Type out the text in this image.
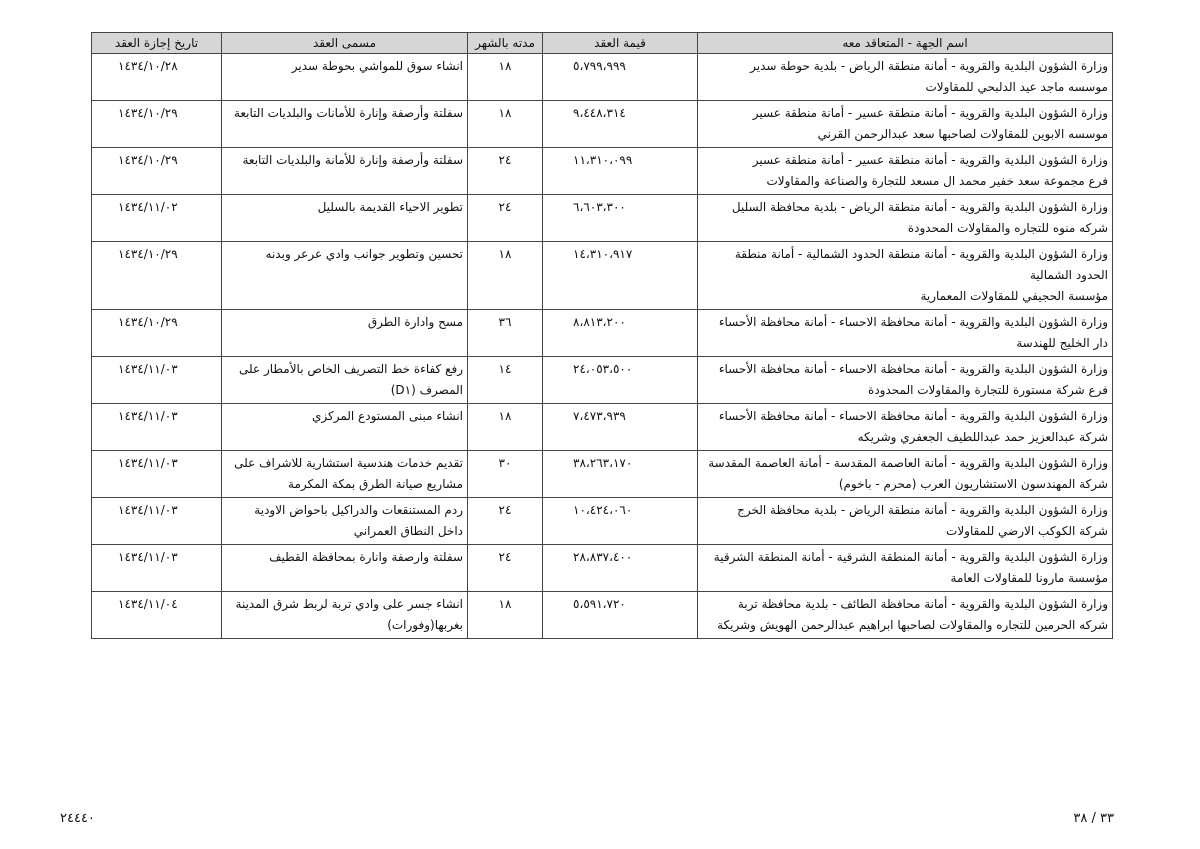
اسم الجهة - المتعاقد معه	قيمة العقد	مدته بالشهر	مسمى العقد	تاريخ إجازة العقد

وزارة الشؤون البلدية والقروية - أمانة منطقة الرياض - بلدية حوطة سدير
موسسه ماجد عيد الدلبحي للمقاولات	٥،٧٩٩،٩٩٩	١٨	انشاء سوق للمواشي بحوطة سدير	١٤٣٤/١٠/٢٨

وزارة الشؤون البلدية والقروية - أمانة منطقة عسير - أمانة منطقة عسير
موسسه الابوين للمقاولات لصاحبها سعد عبدالرحمن القرني	٩،٤٤٨،٣١٤	١٨	سفلتة وأرصفة وإنارة للأمانات والبلديات التابعة	١٤٣٤/١٠/٢٩

وزارة الشؤون البلدية والقروية - أمانة منطقة عسير - أمانة منطقة عسير
فرع مجموعة سعد خفير محمد ال مسعد للتجارة والصناعة والمقاولات	١١،٣١٠،٠٩٩	٢٤	سفلتة وأرصفة وإنارة للأمانة والبلديات التابعة	١٤٣٤/١٠/٢٩

وزارة الشؤون البلدية والقروية - أمانة منطقة الرياض - بلدية محافظة السليل
شركه منوه للتجاره والمقاولات المحدودة	٦،٦٠٣،٣٠٠	٢٤	تطوير الاحياء القديمة بالسليل	١٤٣٤/١١/٠٢

وزارة الشؤون البلدية والقروية - أمانة منطقة الحدود الشمالية - أمانة منطقة الحدود الشمالية
مؤسسة الحجيفي للمقاولات المعمارية	١٤،٣١٠،٩١٧	١٨	تحسين وتطوير جوانب وادي عرعر وبدنه	١٤٣٤/١٠/٢٩

وزارة الشؤون البلدية والقروية - أمانة محافظة الاحساء - أمانة محافظة الأحساء
دار الخليج للهندسة	٨،٨١٣،٢٠٠	٣٦	مسح وادارة الطرق	١٤٣٤/١٠/٢٩

وزارة الشؤون البلدية والقروية - أمانة محافظة الاحساء - أمانة محافظة الأحساء
فرع شركة مستورة للتجارة والمقاولات المحدودة	٢٤،٠٥٣،٥٠٠	١٤	رفع كفاءة خط التصريف الخاص بالأمطار على المصرف (D١)	١٤٣٤/١١/٠٣

وزارة الشؤون البلدية والقروية - أمانة محافظة الاحساء - أمانة محافظة الأحساء
شركة عبدالعزيز حمد عبداللطيف الجعفري وشريكه	٧،٤٧٣،٩٣٩	١٨	انشاء مبنى المستودع المركزي	١٤٣٤/١١/٠٣

وزارة الشؤون البلدية والقروية - أمانة العاصمة المقدسة - أمانة العاصمة المقدسة
شركة المهندسون الاستشاريون العرب (محرم - باخوم)	٣٨،٢٦٣،١٧٠	٣٠	تقديم خدمات هندسية استشارية للاشراف على مشاريع صيانة الطرق بمكة المكرمة	١٤٣٤/١١/٠٣

وزارة الشؤون البلدية والقروية - أمانة منطقة الرياض - بلدية محافظة الخرج
شركة الكوكب الارضي للمقاولات	١٠،٤٢٤،٠٦٠	٢٤	ردم المستنقعات والدراكيل باحواض الاودية داخل النطاق العمراني	١٤٣٤/١١/٠٣

وزارة الشؤون البلدية والقروية - أمانة المنطقة الشرقية - أمانة المنطقة الشرقية
مؤسسة مارونا للمقاولات العامة	٢٨،٨٣٧،٤٠٠	٢٤	سفلتة وارصفة وانارة بمحافظة القطيف	١٤٣٤/١١/٠٣

وزارة الشؤون البلدية والقروية - أمانة محافظة الطائف - بلدية محافظة تربة
شركه الحرمين للتجاره والمقاولات لصاحبها ابراهيم عبدالرحمن الهويش وشريكة	٥،٥٩١،٧٢٠	١٨	انشاء جسر على وادي تربة لربط شرق المدينة بغربها(وفورات)	١٤٣٤/١١/٠٤
٣٣ / ٣٨
٢٤٤٤٠
